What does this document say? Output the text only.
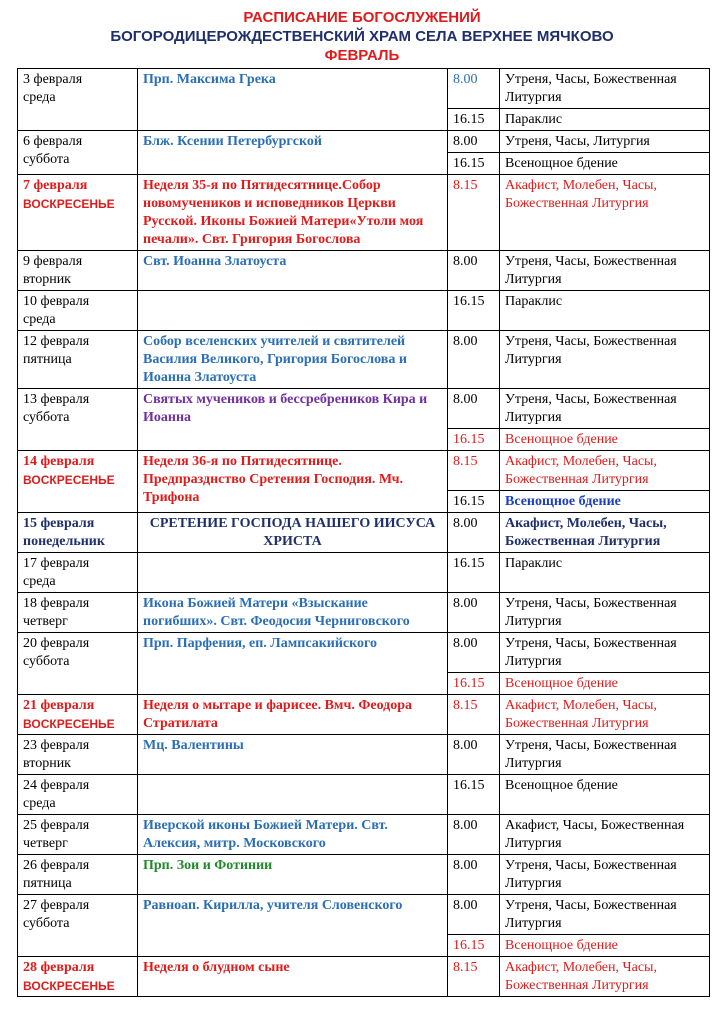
РАСПИСАНИЕ БОГОСЛУЖЕНИЙ
БОГОРОДИЦЕРОЖДЕСТВЕНСКИЙ ХРАМ СЕЛА ВЕРХНЕЕ МЯЧКОВО
ФЕВРАЛЬ
3 февраля
среда	Прп. Максима Грека	8.00	Утреня, Часы, Божественная Литургия
		16.15	Параклис

6 февраля
суббота	Блж. Ксении Петербургской	8.00	Утреня, Часы, Литургия
		16.15	Всенощное бдение

7 февраля
ВОСКРЕСЕНЬЕ	Неделя 35-я по Пятидесятнице.Собор новомучеников и исповедников Церкви Русской. Иконы Божией Матери«Утоли моя печали». Свт. Григория Богослова	8.15	Акафист, Молебен, Часы, Божественная Литургия

9 февраля
вторник	Свт. Иоанна Златоуста	8.00	Утреня, Часы, Божественная Литургия

10 февраля
среда		16.15	Параклис

12 февраля
пятница	Собор вселенских учителей и святителей Василия Великого, Григория Богослова и Иоанна Златоуста	8.00	Утреня, Часы, Божественная Литургия

13 февраля
суббота	Святых мучеников и бессребреников Кира и Иоанна	8.00	Утреня, Часы, Божественная Литургия
		16.15	Всенощное бдение

14 февраля
ВОСКРЕСЕНЬЕ	Неделя 36-я по Пятидесятнице. Предпразднство Сретения Господия. Мч. Трифона	8.15	Акафист, Молебен, Часы, Божественная Литургия
		16.15	Всенощное бдение

15 февраля
понедельник	СРЕТЕНИЕ ГОСПОДА НАШЕГО ИИСУСА ХРИСТА	8.00	Акафист, Молебен, Часы, Божественная Литургия

17 февраля
среда		16.15	Параклис

18 февраля
четверг	Икона Божией Матери «Взыскание погибших». Свт. Феодосия Черниговского	8.00	Утреня, Часы, Божественная Литургия

20 февраля
суббота	Прп. Парфения, еп. Лампсакийского	8.00	Утреня, Часы, Божественная Литургия
		16.15	Всенощное бдение

21 февраля
ВОСКРЕСЕНЬЕ	Неделя о мытаре и фарисее. Вмч. Феодора Стратилата	8.15	Акафист, Молебен, Часы, Божественная Литургия

23 февраля
вторник	Мц. Валентины	8.00	Утреня, Часы, Божественная Литургия

24 февраля
среда		16.15	Всенощное бдение

25 февраля
четверг	Иверской иконы Божией Матери. Свт. Алексия, митр. Московского	8.00	Акафист, Часы, Божественная Литургия

26 февраля
пятница	Прп. Зои и Фотинии	8.00	Утреня, Часы, Божественная Литургия

27 февраля
суббота	Равноап. Кирилла, учителя Словенского	8.00	Утреня, Часы, Божественная Литургия
		16.15	Всенощное бдение

28 февраля
ВОСКРЕСЕНЬЕ	Неделя о блудном сыне	8.15	Акафист, Молебен, Часы, Божественная Литургия
